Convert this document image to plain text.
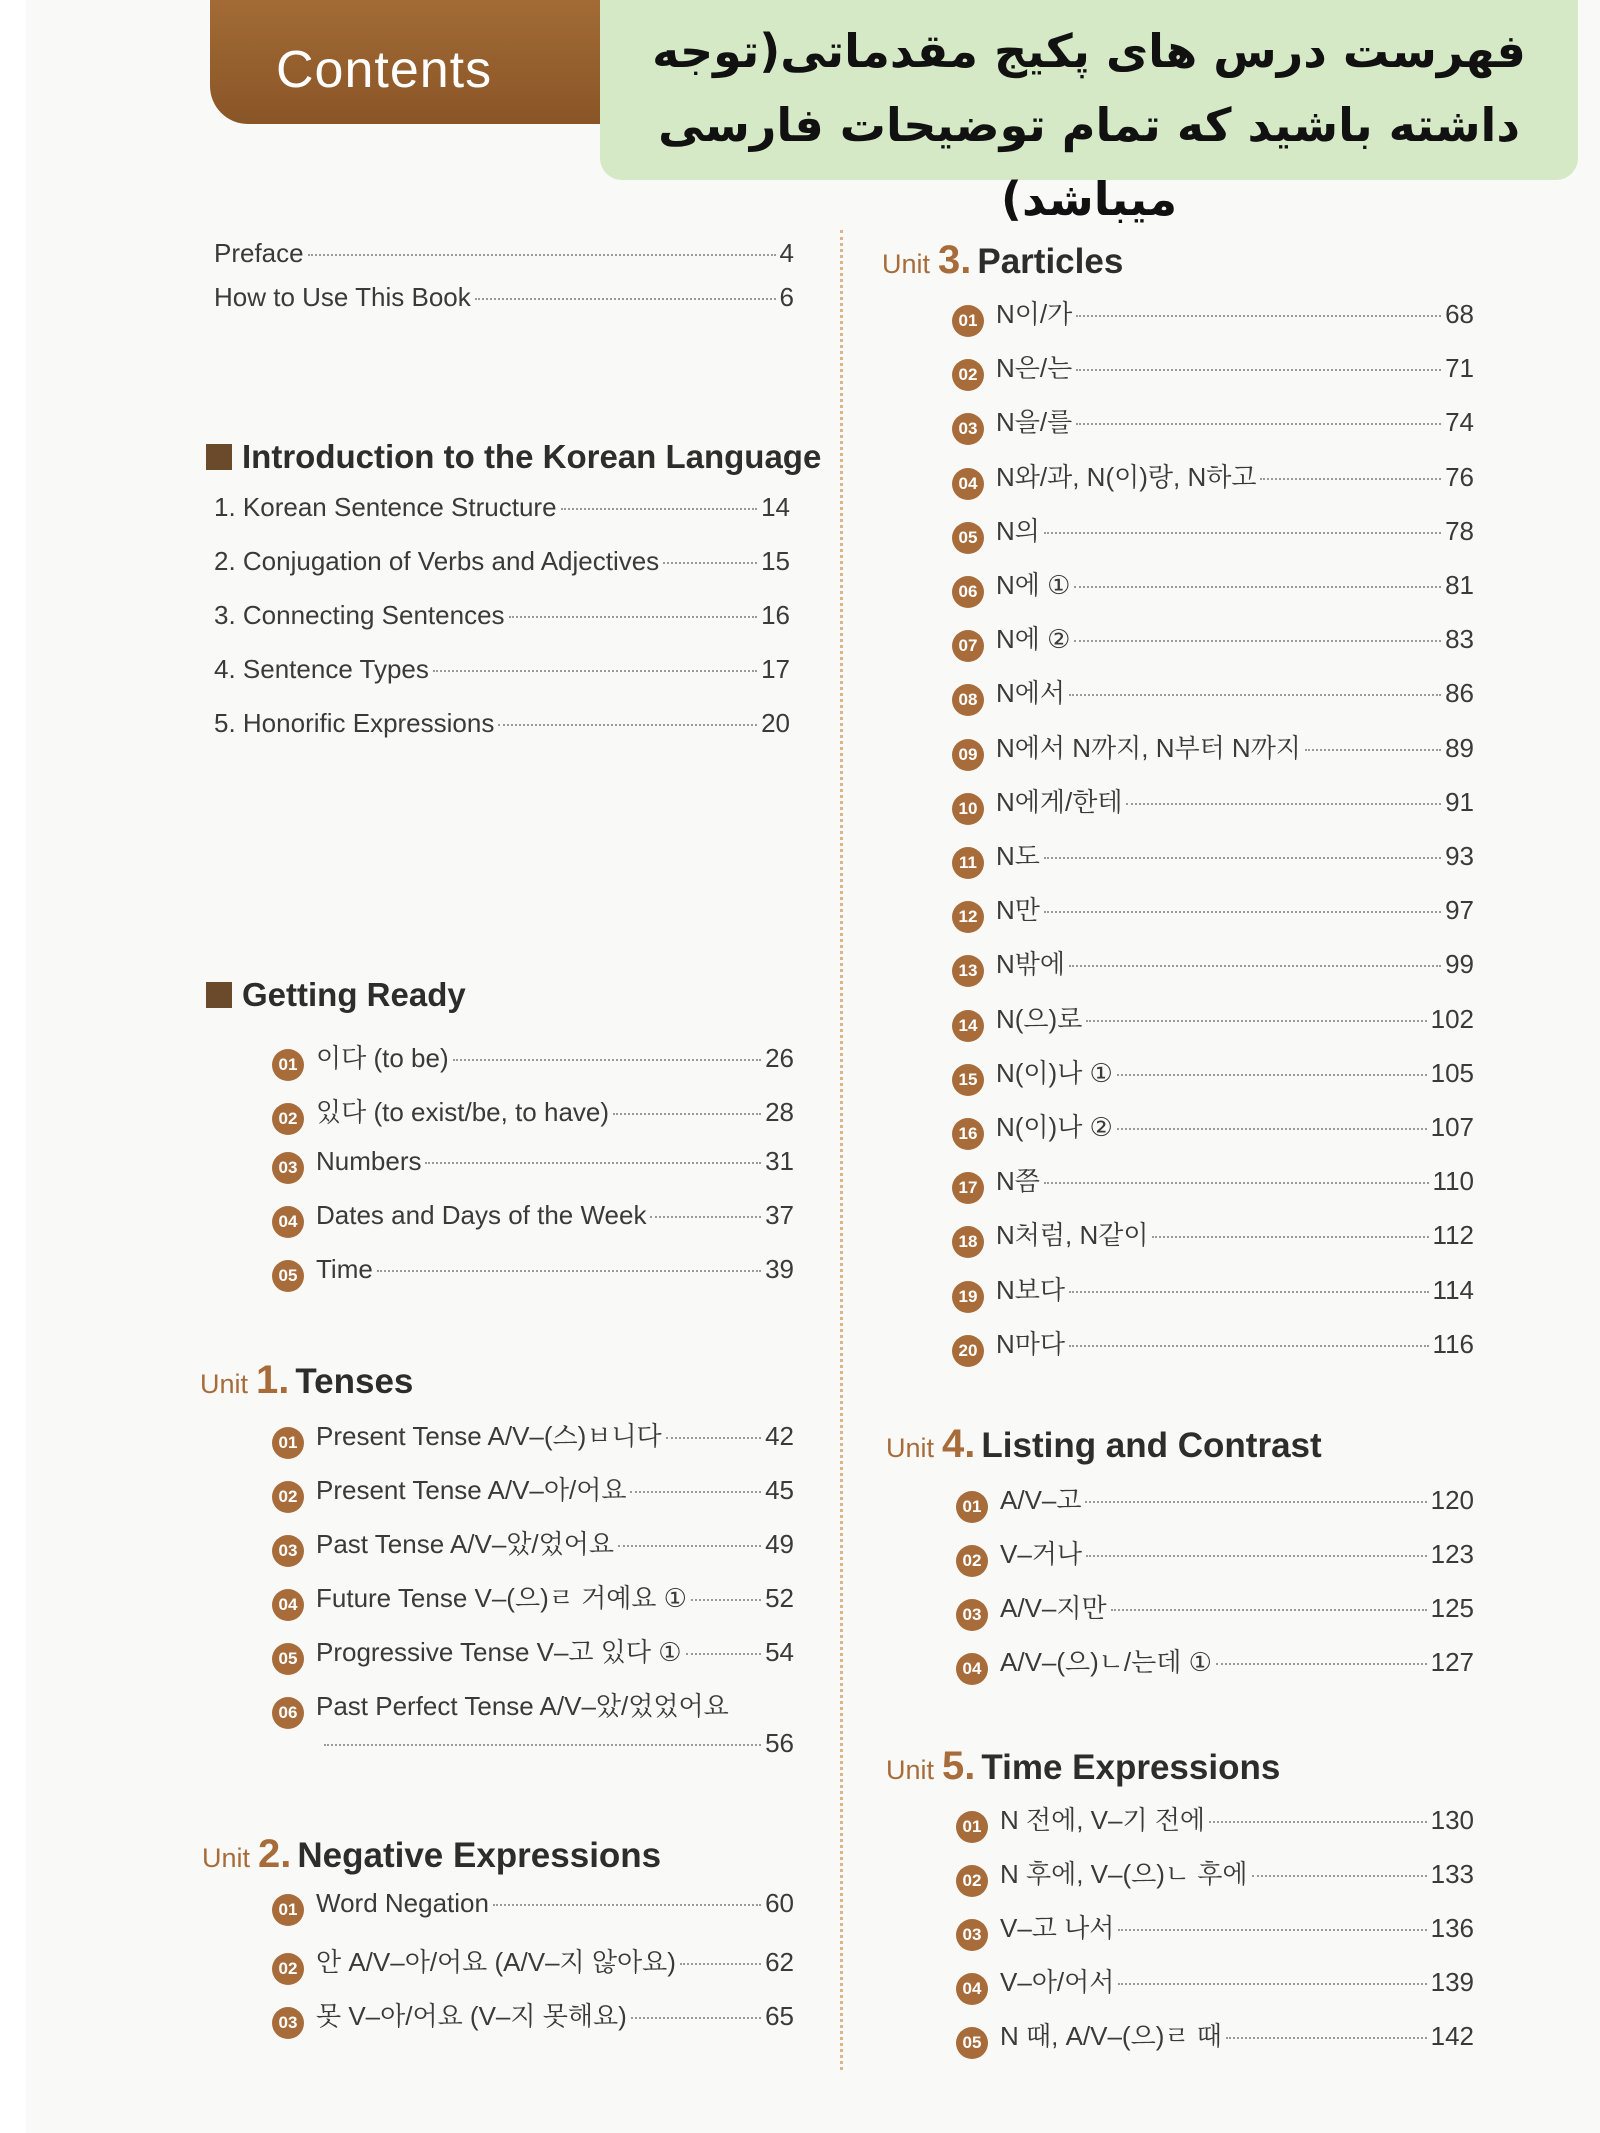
Contents	فهرست درس های پکیج مقدماتی(توجه داشته باشید که تمام توضیحات فارسی میباشد)
Preface	4
How to Use This Book	6
Introduction to the Korean Language
1. Korean Sentence Structure	14
2. Conjugation of Verbs and Adjectives	15
3. Connecting Sentences	16
4. Sentence Types	17
5. Honorific Expressions	20
Getting Ready
01 이다 (to be)	26
02 있다 (to exist/be, to have)	28
03 Numbers	31
04 Dates and Days of the Week	37
05 Time	39
Unit 1. Tenses
01 Present Tense A/V–(스)ㅂ니다	42
02 Present Tense A/V–아/어요	45
03 Past Tense A/V–았/었어요	49
04 Future Tense V–(으)ㄹ 거예요 ①	52
05 Progressive Tense V–고 있다 ①	54
06 Past Perfect Tense A/V–았/었었어요
56
Unit 2. Negative Expressions
01 Word Negation	60
02 안 A/V–아/어요 (A/V–지 않아요)	62
03 못 V–아/어요 (V–지 못해요)	65
Unit 3. Particles
01 N이/가	68
02 N은/는	71
03 N을/를	74
04 N와/과, N(이)랑, N하고	76
05 N의	78
06 N에 ①	81
07 N에 ②	83
08 N에서	86
09 N에서 N까지, N부터 N까지	89
10 N에게/한테	91
11 N도	93
12 N만	97
13 N밖에	99
14 N(으)로	102
15 N(이)나 ①	105
16 N(이)나 ②	107
17 N쯤	110
18 N처럼, N같이	112
19 N보다	114
20 N마다	116
Unit 4. Listing and Contrast
01 A/V–고	120
02 V–거나	123
03 A/V–지만	125
04 A/V–(으)ㄴ/는데 ①	127
Unit 5. Time Expressions
01 N 전에, V–기 전에	130
02 N 후에, V–(으)ㄴ 후에	133
03 V–고 나서	136
04 V–아/어서	139
05 N 때, A/V–(으)ㄹ 때	142
